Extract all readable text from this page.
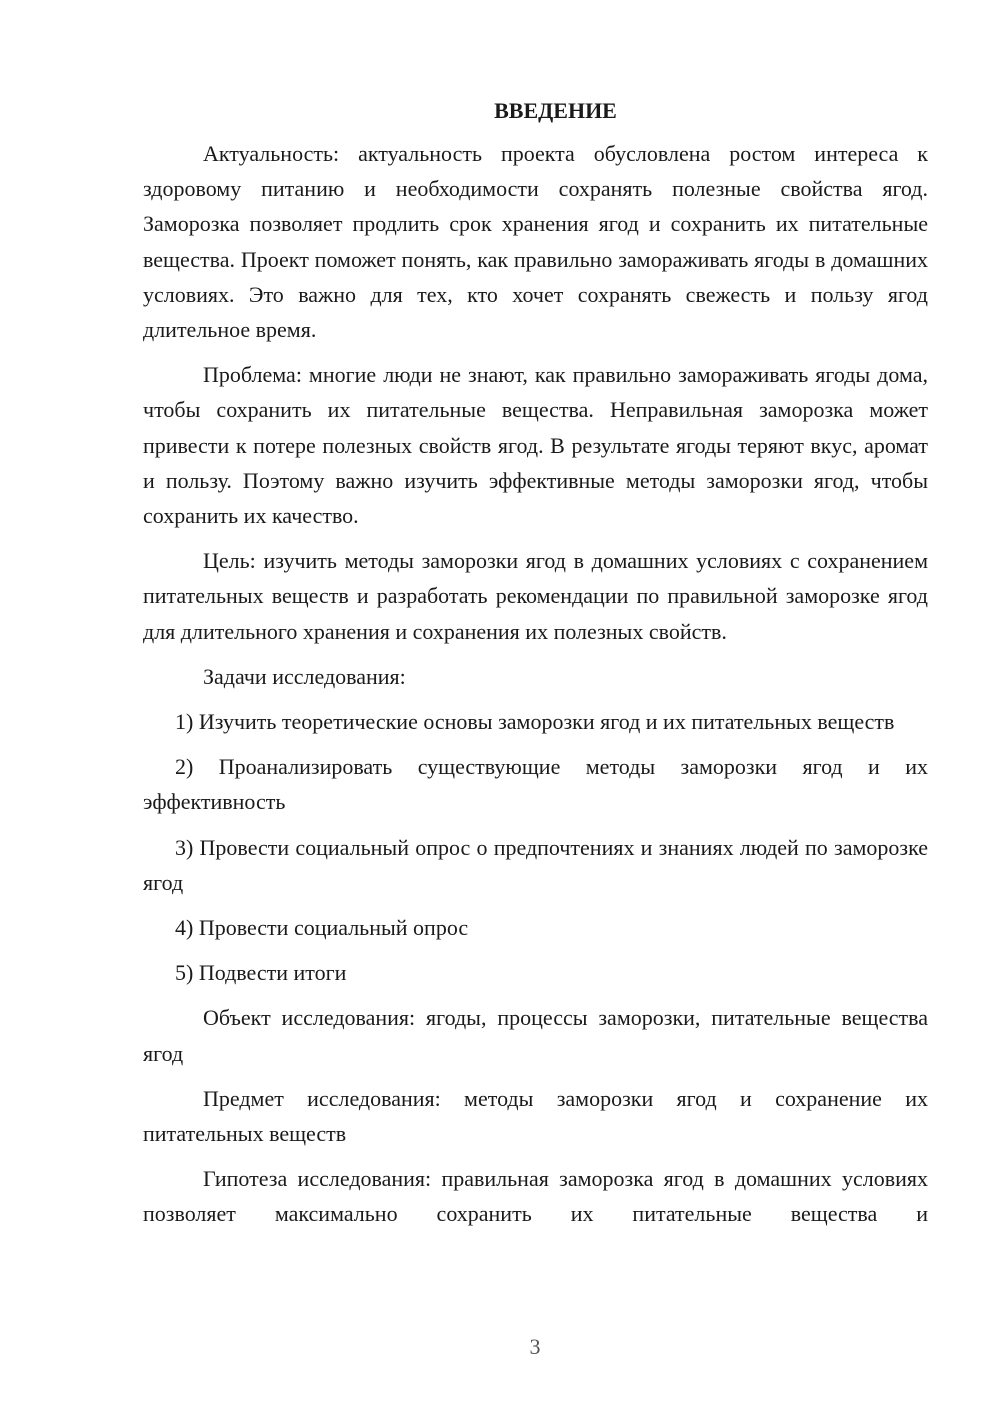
ВВЕДЕНИЕ

Актуальность: актуальность проекта обусловлена ростом интереса к здоровому питанию и необходимости сохранять полезные свойства ягод. Заморозка позволяет продлить срок хранения ягод и сохранить их питательные вещества. Проект поможет понять, как правильно замораживать ягоды в домашних условиях. Это важно для тех, кто хочет сохранять свежесть и пользу ягод длительное время.

Проблема: многие люди не знают, как правильно замораживать ягоды дома, чтобы сохранить их питательные вещества. Неправильная заморозка может привести к потере полезных свойств ягод. В результате ягоды теряют вкус, аромат и пользу. Поэтому важно изучить эффективные методы заморозки ягод, чтобы сохранить их качество.

Цель: изучить методы заморозки ягод в домашних условиях с сохранением питательных веществ и разработать рекомендации по правильной заморозке ягод для длительного хранения и сохранения их полезных свойств.

Задачи исследования:

1) Изучить теоретические основы заморозки ягод и их питательных веществ

2) Проанализировать существующие методы заморозки ягод и их эффективность

3) Провести социальный опрос о предпочтениях и знаниях людей по заморозке ягод

4) Провести социальный опрос

5) Подвести итоги

Объект исследования: ягоды, процессы заморозки, питательные вещества ягод

Предмет исследования: методы заморозки ягод и сохранение их питательных веществ

Гипотеза исследования: правильная заморозка ягод в домашних условиях позволяет максимально сохранить их питательные вещества и

3
